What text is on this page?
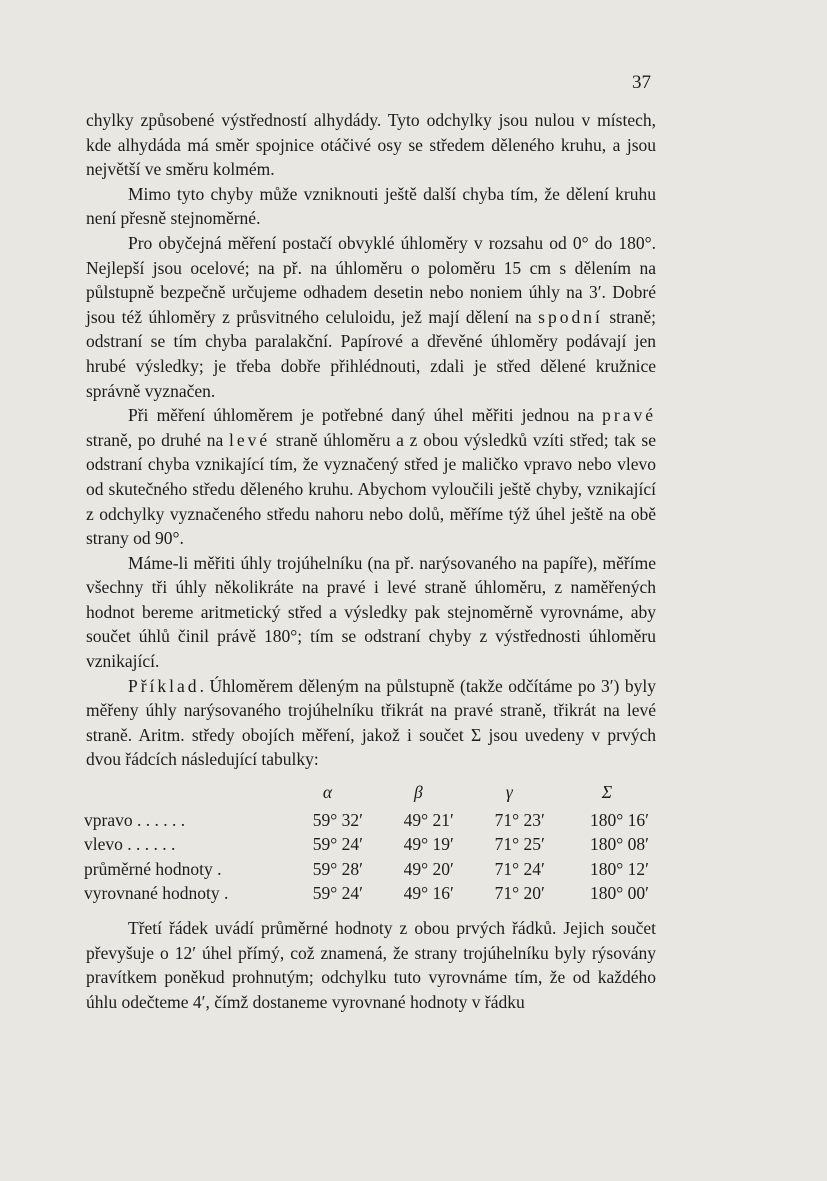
37

chylky způsobené výstředností alhydády. Tyto odchylky jsou nulou v místech, kde alhydáda má směr spojnice otáčivé osy se středem děleného kruhu, a jsou největší ve směru kolmém.

Mimo tyto chyby může vzniknouti ještě další chyba tím, že dělení kruhu není přesně stejnoměrné.

Pro obyčejná měření postačí obvyklé úhloměry v rozsahu od 0° do 180°. Nejlepší jsou ocelové; na př. na úhloměru o poloměru 15 cm s dělením na půlstupně bezpečně určujeme odhadem desetin nebo noniem úhly na 3′. Dobré jsou též úhloměry z průsvitného celuloidu, jež mají dělení na spodní straně; odstraní se tím chyba paralakční. Papírové a dřevěné úhloměry podávají jen hrubé výsledky; je třeba dobře přihlédnouti, zdali je střed dělené kružnice správně vyznačen.

Při měření úhloměrem je potřebné daný úhel měřiti jednou na pravé straně, po druhé na levé straně úhloměru a z obou výsledků vzíti střed; tak se odstraní chyba vznikající tím, že vyznačený střed je maličko vpravo nebo vlevo od skutečného středu děleného kruhu. Abychom vyloučili ještě chyby, vznikající z odchylky vyznačeného středu nahoru nebo dolů, měříme týž úhel ještě na obě strany od 90°.

Máme-li měřiti úhly trojúhelníku (na př. narýsovaného na papíře), měříme všechny tři úhly několikráte na pravé i levé straně úhloměru, z naměřených hodnot bereme aritmetický střed a výsledky pak stejnoměrně vyrovnáme, aby součet úhlů činil právě 180°; tím se odstraní chyby z výstřednosti úhloměru vznikající.

Příklad. Úhloměrem děleným na půlstupně (takže odčítáme po 3′) byly měřeny úhly narýsovaného trojúhelníku třikrát na pravé straně, třikrát na levé straně. Aritm. středy obojích měření, jakož i součet Σ jsou uvedeny v prvých dvou řádcích následující tabulky:

	α	β	γ	Σ
vpravo . . . . . .	59° 32′	49° 21′	71° 23′	180° 16′
vlevo . . . . . .	59° 24′	49° 19′	71° 25′	180° 08′
průměrné hodnoty .	59° 28′	49° 20′	71° 24′	180° 12′
vyrovnané hodnoty .	59° 24′	49° 16′	71° 20′	180° 00′

Třetí řádek uvádí průměrné hodnoty z obou prvých řádků. Jejich součet převyšuje o 12′ úhel přímý, což znamená, že strany trojúhelníku byly rýsovány pravítkem poněkud prohnutým; odchylku tuto vyrovnáme tím, že od každého úhlu odečteme 4′, čímž dostaneme vyrovnané hodnoty v řádku
